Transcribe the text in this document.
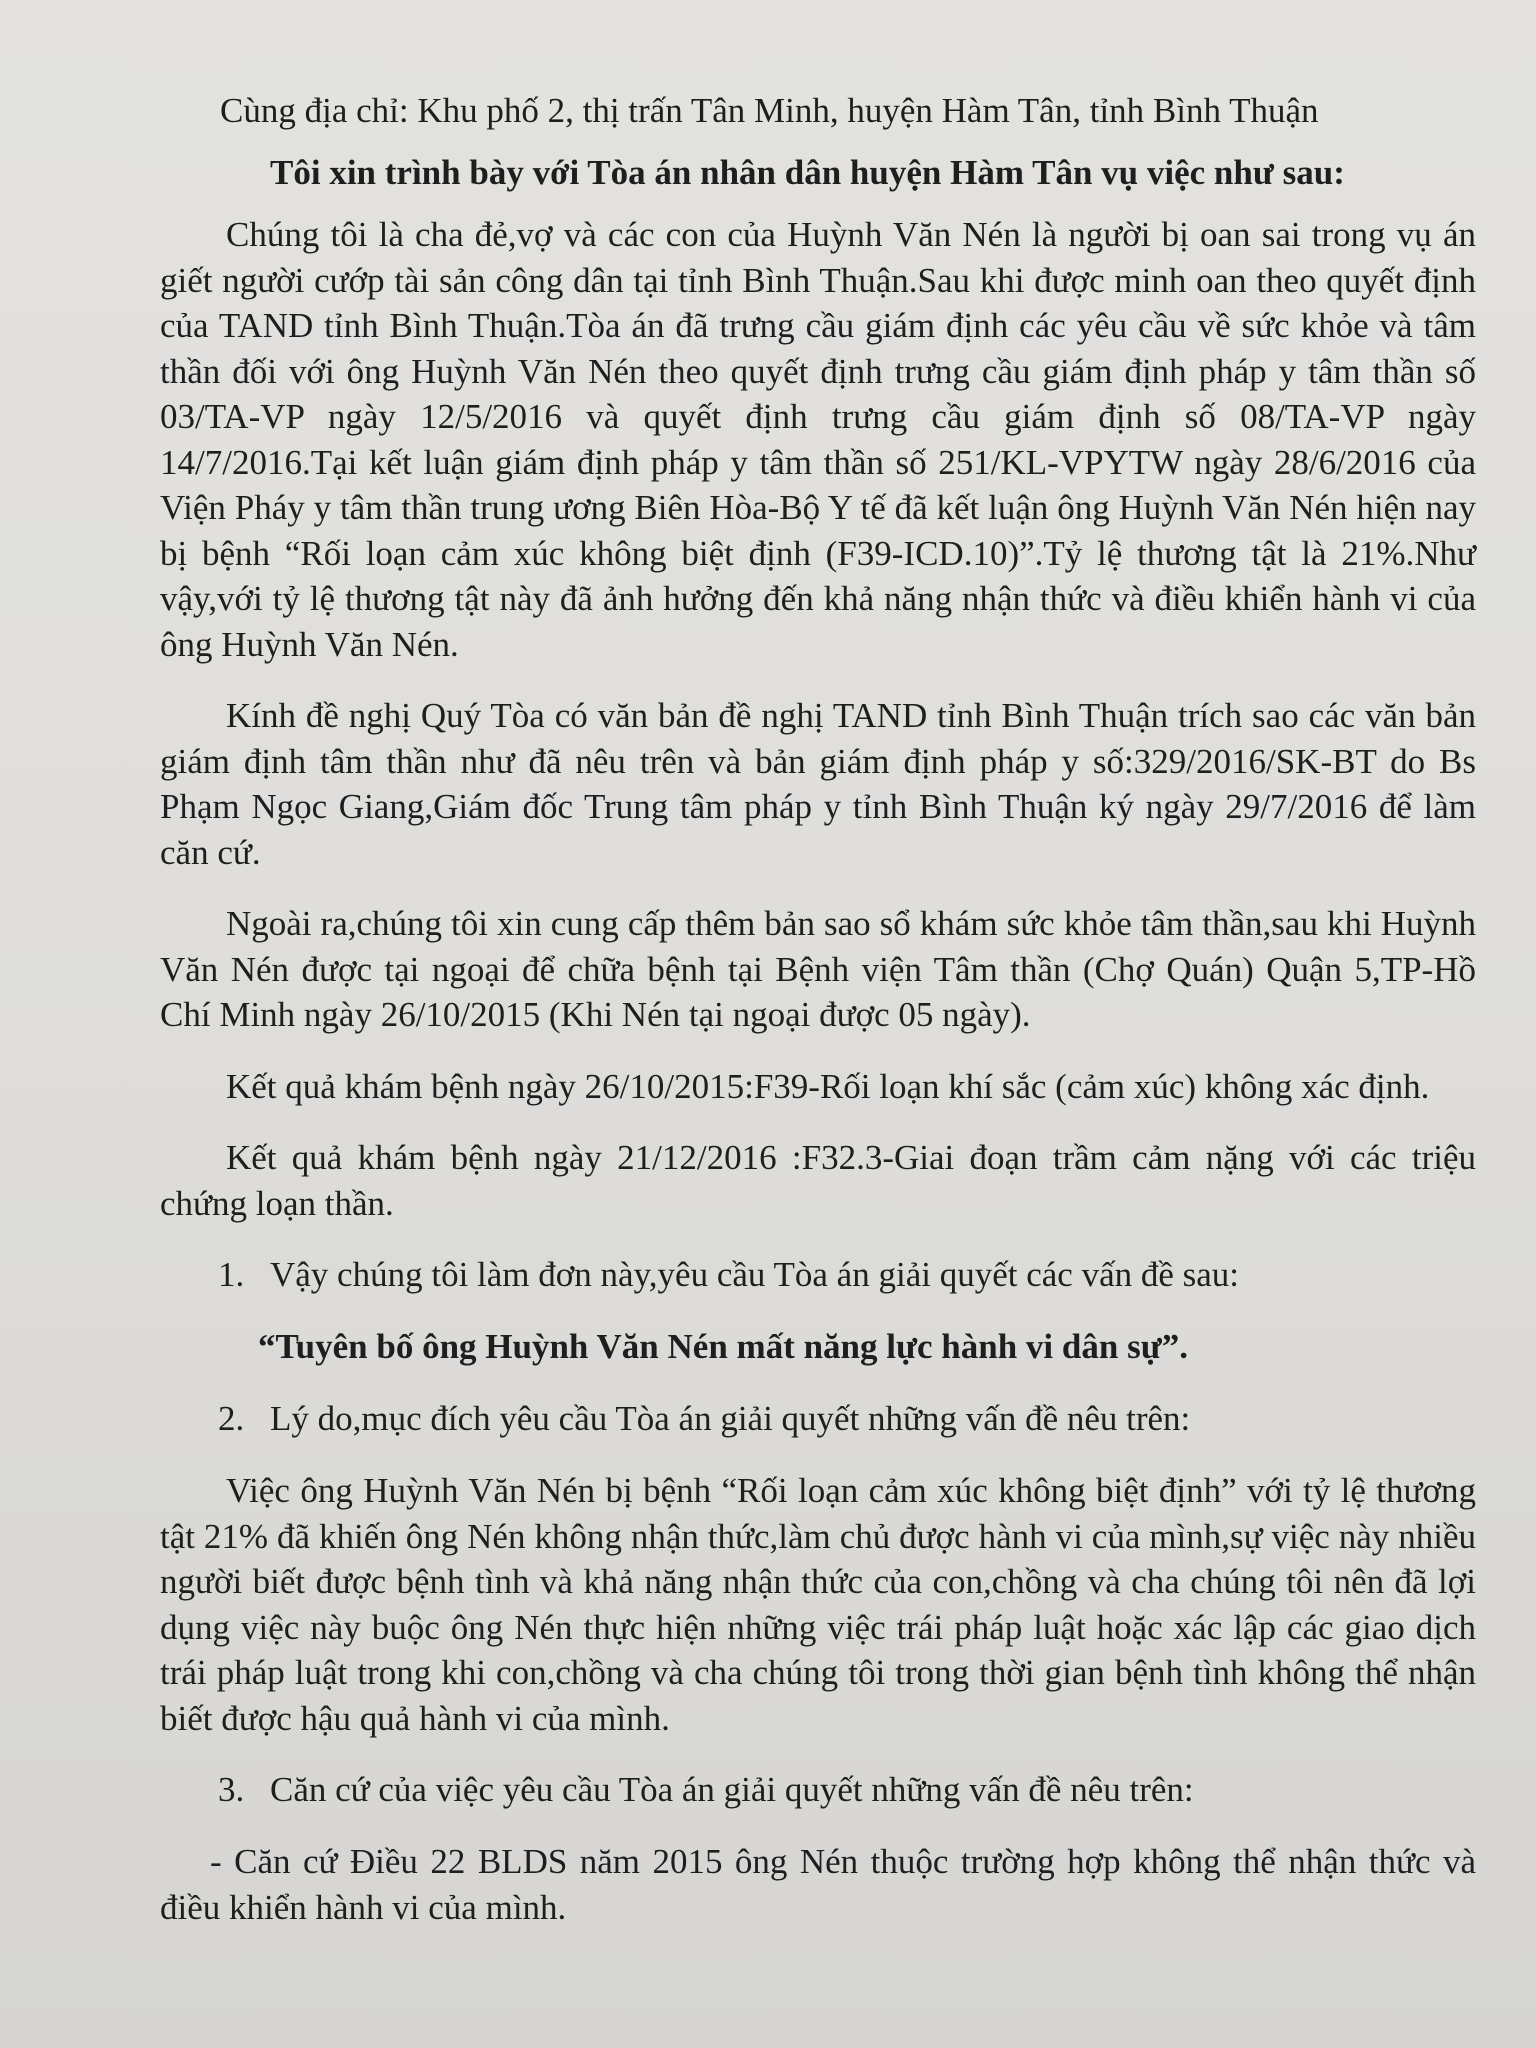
Cùng địa chỉ: Khu phố 2, thị trấn Tân Minh, huyện Hàm Tân, tỉnh Bình Thuận

Tôi xin trình bày với Tòa án nhân dân huyện Hàm Tân vụ việc như sau:

Chúng tôi là cha đẻ,vợ và các con của Huỳnh Văn Nén là người bị oan sai trong vụ án giết người cướp tài sản công dân tại tỉnh Bình Thuận.Sau khi được minh oan theo quyết định của TAND tỉnh Bình Thuận.Tòa án đã trưng cầu giám định các yêu cầu về sức khỏe và tâm thần đối với ông Huỳnh Văn Nén theo quyết định trưng cầu giám định pháp y tâm thần số 03/TA-VP ngày 12/5/2016 và quyết định trưng cầu giám định số 08/TA-VP ngày 14/7/2016.Tại kết luận giám định pháp y tâm thần số 251/KL-VPYTW ngày 28/6/2016 của Viện Pháy y tâm thần trung ương Biên Hòa-Bộ Y tế đã kết luận ông Huỳnh Văn Nén hiện nay bị bệnh “Rối loạn cảm xúc không biệt định (F39-ICD.10)”.Tỷ lệ thương tật là 21%.Như vậy,với tỷ lệ thương tật này đã ảnh hưởng đến khả năng nhận thức và điều khiển hành vi của ông Huỳnh Văn Nén.

Kính đề nghị Quý Tòa có văn bản đề nghị TAND tỉnh Bình Thuận trích sao các văn bản giám định tâm thần như đã nêu trên và bản giám định pháp y số:329/2016/SK-BT do Bs Phạm Ngọc Giang,Giám đốc Trung tâm pháp y tỉnh Bình Thuận ký ngày 29/7/2016 để làm căn cứ.

Ngoài ra,chúng tôi xin cung cấp thêm bản sao sổ khám sức khỏe tâm thần,sau khi Huỳnh Văn Nén được tại ngoại để chữa bệnh tại Bệnh viện Tâm thần (Chợ Quán) Quận 5,TP-Hồ Chí Minh ngày 26/10/2015 (Khi Nén tại ngoại được 05 ngày).

Kết quả khám bệnh ngày 26/10/2015:F39-Rối loạn khí sắc (cảm xúc) không xác định.

Kết quả khám bệnh ngày 21/12/2016 :F32.3-Giai đoạn trầm cảm nặng với các triệu chứng loạn thần.

1. Vậy chúng tôi làm đơn này,yêu cầu Tòa án giải quyết các vấn đề sau:

“Tuyên bố ông Huỳnh Văn Nén mất năng lực hành vi dân sự”.

2. Lý do,mục đích yêu cầu Tòa án giải quyết những vấn đề nêu trên:

Việc ông Huỳnh Văn Nén bị bệnh “Rối loạn cảm xúc không biệt định” với tỷ lệ thương tật 21% đã khiến ông Nén không nhận thức,làm chủ được hành vi của mình,sự việc này nhiều người biết được bệnh tình và khả năng nhận thức của con,chồng và cha chúng tôi nên đã lợi dụng việc này buộc ông Nén thực hiện những việc trái pháp luật hoặc xác lập các giao dịch trái pháp luật trong khi con,chồng và cha chúng tôi trong thời gian bệnh tình không thể nhận biết được hậu quả hành vi của mình.

3. Căn cứ của việc yêu cầu Tòa án giải quyết những vấn đề nêu trên:

- Căn cứ Điều 22 BLDS năm 2015 ông Nén thuộc trường hợp không thể nhận thức và điều khiển hành vi của mình.
